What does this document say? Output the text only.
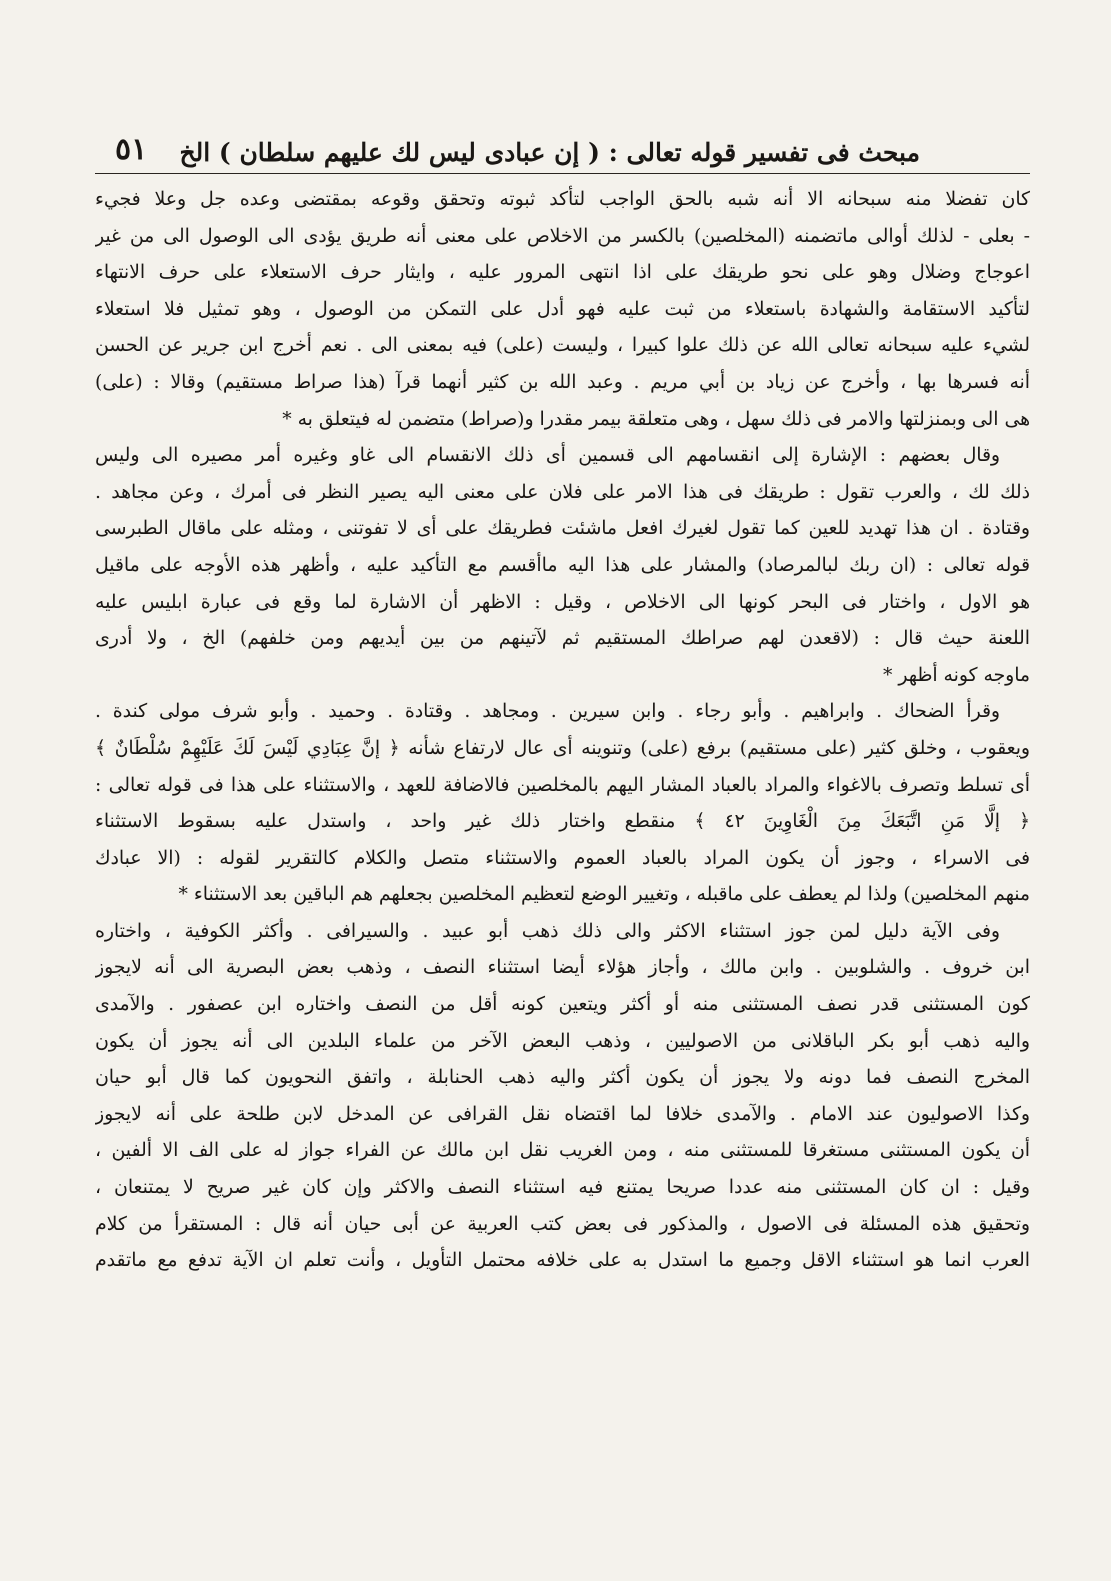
مبحث فى تفسير قوله تعالى : ( إن عبادى ليس لك عليهم سلطان ) الخ
٥١
كان تفضلا منه سبحانه الا أنه شبه بالحق الواجب لتأكد ثبوته وتحقق وقوعه بمقتضى وعده جل وعلا فجيء
- بعلى - لذلك أوالى ماتضمنه (المخلصين) بالكسر من الاخلاص على معنى أنه طريق يؤدى الى الوصول الى من غير
اعوجاج وضلال وهو على نحو طريقك على اذا انتهى المرور عليه ، وايثار حرف الاستعلاء على حرف الانتهاء
لتأكيد الاستقامة والشهادة باستعلاء من ثبت عليه فهو أدل على التمكن من الوصول ، وهو تمثيل فلا استعلاء
لشيء عليه سبحانه تعالى الله عن ذلك علوا كبيرا ، وليست (على) فيه بمعنى الى . نعم أخرج ابن جرير عن الحسن
أنه فسرها بها ، وأخرج عن زياد بن أبي مريم . وعبد الله بن كثير أنهما قرآ (هذا صراط مستقيم) وقالا : (على)
هى الى وبمنزلتها والامر فى ذلك سهل ، وهى متعلقة بيمر مقدرا و(صراط) متضمن له فيتعلق به *
وقال بعضهم : الإشارة إلى انقسامهم الى قسمين أى ذلك الانقسام الى غاو وغيره أمر مصيره الى وليس
ذلك لك ، والعرب تقول : طريقك فى هذا الامر على فلان على معنى اليه يصير النظر فى أمرك ، وعن مجاهد .
وقتادة . ان هذا تهديد للعين كما تقول لغيرك افعل ماشئت فطريقك على أى لا تفوتنى ، ومثله على ماقال الطبرسى
قوله تعالى : (ان ربك لبالمرصاد) والمشار على هذا اليه ماأقسم مع التأكيد عليه ، وأظهر هذه الأوجه على ماقيل
هو الاول ، واختار فى البحر كونها الى الاخلاص ، وقيل : الاظهر أن الاشارة لما وقع فى عبارة ابليس عليه
اللعنة حيث قال : (لاقعدن لهم صراطك المستقيم ثم لآتينهم من بين أيديهم ومن خلفهم) الخ ، ولا أدرى
ماوجه كونه أظهر *
وقرأ الضحاك . وابراهيم . وأبو رجاء . وابن سيرين . ومجاهد . وقتادة . وحميد . وأبو شرف مولى كندة .
ويعقوب ، وخلق كثير (على مستقيم) برفع (على) وتنوينه أى عال لارتفاع شأنه ﴿ إنَّ عِبَادِي لَيْسَ لَكَ عَلَيْهِمْ سُلْطَانٌ ﴾
أى تسلط وتصرف بالاغواء والمراد بالعباد المشار اليهم بالمخلصين فالاضافة للعهد ، والاستثناء على هذا فى قوله تعالى :
﴿ إلَّا مَنِ اتَّبَعَكَ مِنَ الْغَاوِينَ ٤٢ ﴾ منقطع واختار ذلك غير واحد ، واستدل عليه بسقوط الاستثناء
فى الاسراء ، وجوز أن يكون المراد بالعباد العموم والاستثناء متصل والكلام كالتقرير لقوله : (الا عبادك
منهم المخلصين) ولذا لم يعطف على ماقبله ، وتغيير الوضع لتعظيم المخلصين بجعلهم هم الباقين بعد الاستثناء *
وفى الآية دليل لمن جوز استثناء الاكثر والى ذلك ذهب أبو عبيد . والسيرافى . وأكثر الكوفية ، واختاره
ابن خروف . والشلوبين . وابن مالك ، وأجاز هؤلاء أيضا استثناء النصف ، وذهب بعض البصرية الى أنه لايجوز
كون المستثنى قدر نصف المستثنى منه أو أكثر ويتعين كونه أقل من النصف واختاره ابن عصفور . والآمدى
واليه ذهب أبو بكر الباقلانى من الاصوليين ، وذهب البعض الآخر من علماء البلدين الى أنه يجوز أن يكون
المخرج النصف فما دونه ولا يجوز أن يكون أكثر واليه ذهب الحنابلة ، واتفق النحويون كما قال أبو حيان
وكذا الاصوليون عند الامام . والآمدى خلافا لما اقتضاه نقل القرافى عن المدخل لابن طلحة على أنه لايجوز
أن يكون المستثنى مستغرقا للمستثنى منه ، ومن الغريب نقل ابن مالك عن الفراء جواز له على الف الا ألفين ،
وقيل : ان كان المستثنى منه عددا صريحا يمتنع فيه استثناء النصف والاكثر وإن كان غير صريح لا يمتنعان ،
وتحقيق هذه المسئلة فى الاصول ، والمذكور فى بعض كتب العربية عن أبى حيان أنه قال : المستقرأ من كلام
العرب انما هو استثناء الاقل وجميع ما استدل به على خلافه محتمل التأويل ، وأنت تعلم ان الآية تدفع مع ماتقدم
